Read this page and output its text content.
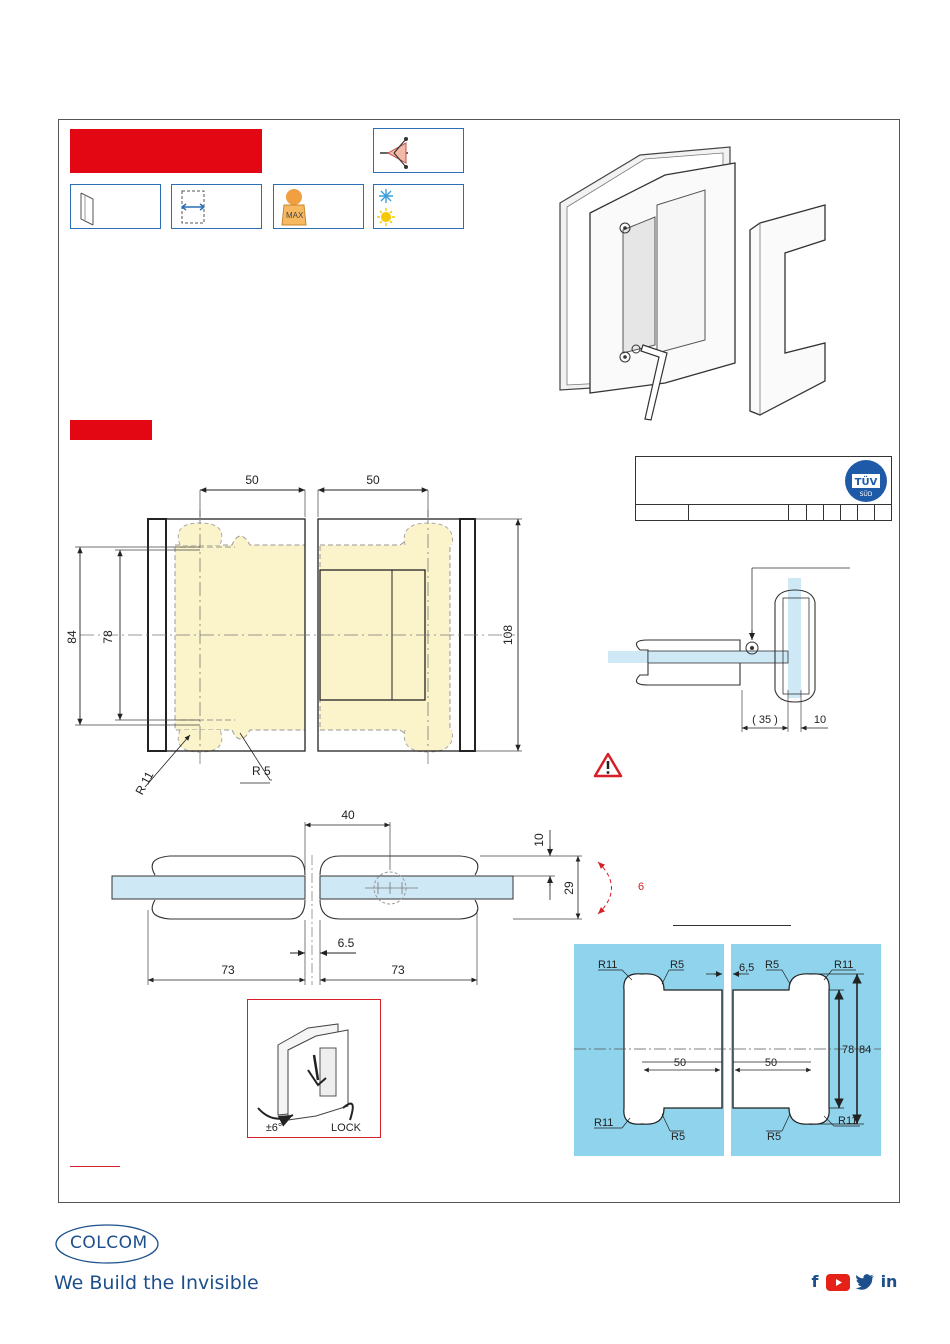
MAX
TÜV
SÜD
50	50
84 78	108
R 11	R 5
( 35 )	10
40
10
29	6
6.5
73	73
±6°	LOCK
50	50
78 84
6,5
R11	R5	R5	R11
R11
R5	R5
R11
COLCOM
We Build the Invisible	f	in
